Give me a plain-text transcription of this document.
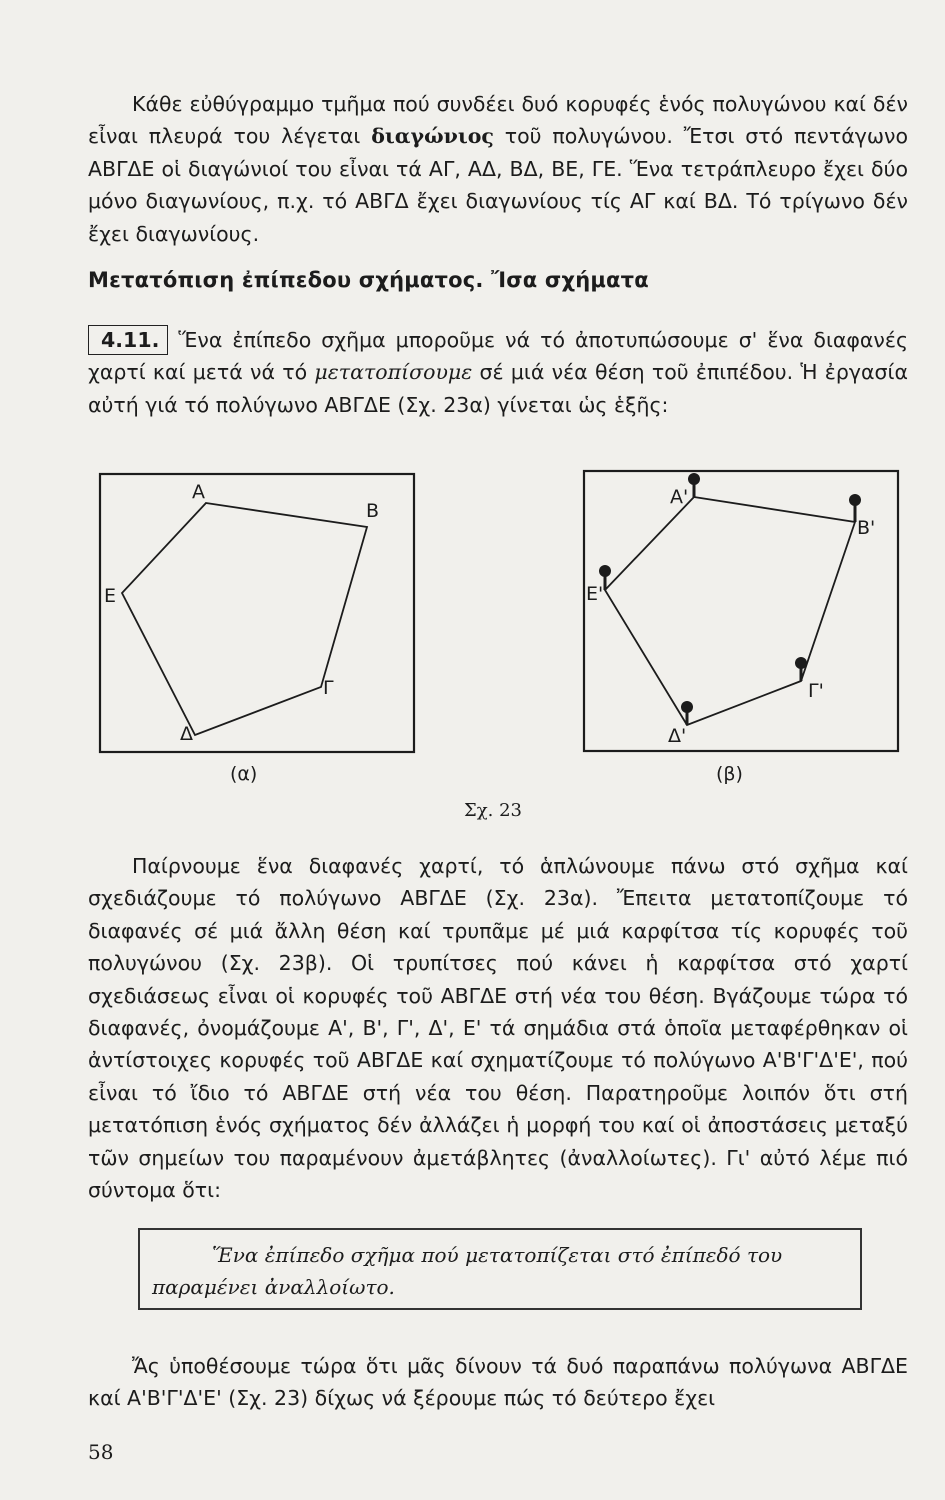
Κάθε εὐθύγραμμο τμῆμα πού συνδέει δυό κορυφές ἑνός πολυγώνου καί δέν εἶναι πλευρά του λέγεται διαγώνιος τοῦ πολυγώνου. Ἔτσι στό πεντάγωνο ΑΒΓΔΕ οἱ διαγώνιοί του εἶναι τά ΑΓ, ΑΔ, ΒΔ, ΒΕ, ΓΕ. Ἕνα τετράπλευρο ἔχει δύο μόνο διαγωνίους, π.χ. τό ΑΒΓΔ ἔχει διαγωνίους τίς ΑΓ καί ΒΔ. Τό τρίγωνο δέν ἔχει διαγωνίους.
Μετατόπιση ἐπίπεδου σχήματος. Ἴσα σχήματα
4.11. Ἕνα ἐπίπεδο σχῆμα μποροῦμε νά τό ἀποτυπώσουμε σ' ἕνα διαφανές χαρτί καί μετά νά τό μετατοπίσουμε σέ μιά νέα θέση τοῦ ἐπιπέδου. Ἡ ἐργασία αὐτή γιά τό πολύγωνο ΑΒΓΔΕ (Σχ. 23α) γίνεται ὡς ἑξῆς:
Α
Β
Γ
Δ
Ε
(α)
Α'
Β'
Γ'
Δ'
Ε'
(β)
Σχ. 23
Παίρνουμε ἕνα διαφανές χαρτί, τό ἁπλώνουμε πάνω στό σχῆμα καί σχεδιάζουμε τό πολύγωνο ΑΒΓΔΕ (Σχ. 23α). Ἔπειτα μετατοπίζουμε τό διαφανές σέ μιά ἄλλη θέση καί τρυπᾶμε μέ μιά καρφίτσα τίς κορυφές τοῦ πολυγώνου (Σχ. 23β). Οἱ τρυπίτσες πού κάνει ἡ καρφίτσα στό χαρτί σχεδιάσεως εἶναι οἱ κορυφές τοῦ ΑΒΓΔΕ στή νέα του θέση. Βγάζουμε τώρα τό διαφανές, ὀνομάζουμε Α', Β', Γ', Δ', Ε' τά σημάδια στά ὁποῖα μεταφέρθηκαν οἱ ἀντίστοιχες κορυφές τοῦ ΑΒΓΔΕ καί σχηματίζουμε τό πολύγωνο Α'Β'Γ'Δ'Ε', πού εἶναι τό ἴδιο τό ΑΒΓΔΕ στή νέα του θέση. Παρατηροῦμε λοιπόν ὅτι στή μετατόπιση ἑνός σχήματος δέν ἀλλάζει ἡ μορφή του καί οἱ ἀποστάσεις μεταξύ τῶν σημείων του παραμένουν ἀμετάβλητες (ἀναλλοίωτες). Γι' αὐτό λέμε πιό σύντομα ὅτι:
Ἕνα ἐπίπεδο σχῆμα πού μετατοπίζεται στό ἐπίπεδό του
παραμένει ἀναλλοίωτο.
Ἄς ὑποθέσουμε τώρα ὅτι μᾶς δίνουν τά δυό παραπάνω πολύγωνα ΑΒΓΔΕ καί Α'Β'Γ'Δ'Ε' (Σχ. 23) δίχως νά ξέρουμε πώς τό δεύτερο ἔχει
58
